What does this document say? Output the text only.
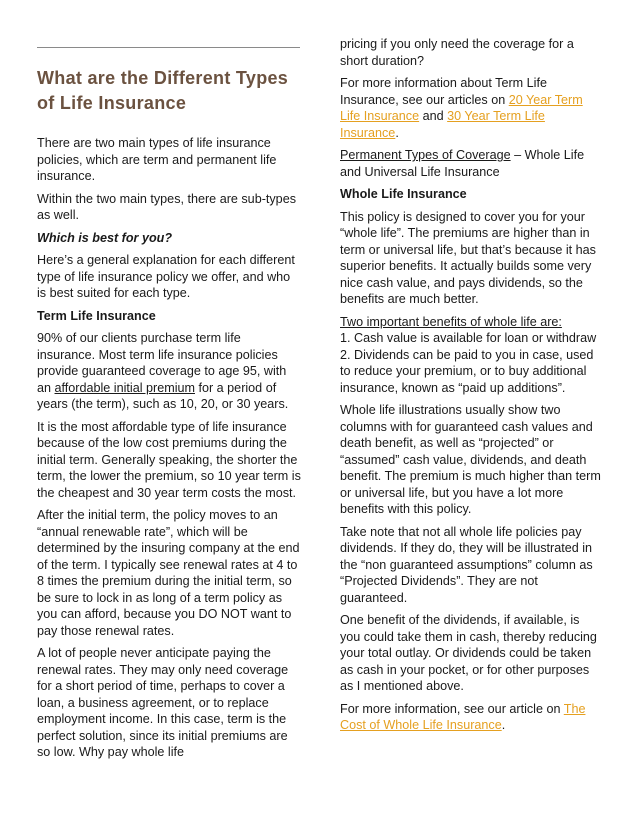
What are the Different Types of Life Insurance

There are two main types of life insurance policies, which are term and permanent life insurance.

Within the two main types, there are sub-types as well.

Which is best for you?

Here’s a general explanation for each different type of life insurance policy we offer, and who is best suited for each type.

Term Life Insurance

90% of our clients purchase term life insurance. Most term life insurance policies provide guaranteed coverage to age 95, with an affordable initial premium for a period of years (the term), such as 10, 20, or 30 years.

It is the most affordable type of life insurance because of the low cost premiums during the initial term. Generally speaking, the shorter the term, the lower the premium, so 10 year term is the cheapest and 30 year term costs the most.

After the initial term, the policy moves to an “annual renewable rate”, which will be determined by the insuring company at the end of the term. I typically see renewal rates at 4 to 8 times the premium during the initial term, so be sure to lock in as long of a term policy as you can afford, because you DO NOT want to pay those renewal rates.

A lot of people never anticipate paying the renewal rates. They may only need coverage for a short period of time, perhaps to cover a loan, a business agreement, or to replace employment income. In this case, term is the perfect solution, since its initial premiums are so low. Why pay whole life

pricing if you only need the coverage for a short duration?

For more information about Term Life Insurance, see our articles on 20 Year Term Life Insurance and 30 Year Term Life Insurance.

Permanent Types of Coverage – Whole Life and Universal Life Insurance

Whole Life Insurance

This policy is designed to cover you for your “whole life”. The premiums are higher than in term or universal life, but that’s because it has superior benefits. It actually builds some very nice cash value, and pays dividends, so the benefits are much better.

Two important benefits of whole life are:
1. Cash value is available for loan or withdraw
2. Dividends can be paid to you in case, used to reduce your premium, or to buy additional insurance, known as “paid up additions”.

Whole life illustrations usually show two columns with for guaranteed cash values and death benefit, as well as “projected” or “assumed” cash value, dividends, and death benefit. The premium is much higher than term or universal life, but you have a lot more benefits with this policy.

Take note that not all whole life policies pay dividends. If they do, they will be illustrated in the “non guaranteed assumptions” column as “Projected Dividends”. They are not guaranteed.

One benefit of the dividends, if available, is you could take them in cash, thereby reducing your total outlay. Or dividends could be taken as cash in your pocket, or for other purposes as I mentioned above.

For more information, see our article on The Cost of Whole Life Insurance.
